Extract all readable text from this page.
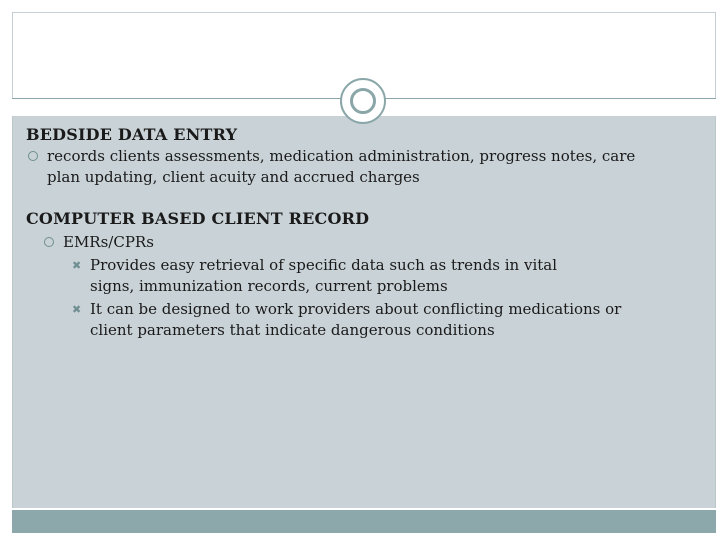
BEDSIDE DATA ENTRY

records clients assessments, medication administration, progress notes, care
plan updating, client acuity and accrued charges

COMPUTER BASED CLIENT RECORD

EMRs/CPRs
✖ Provides easy retrieval of specific data such as trends in vital
signs, immunization records, current problems
✖ It can be designed to work providers about conflicting medications or
client parameters that indicate dangerous conditions
